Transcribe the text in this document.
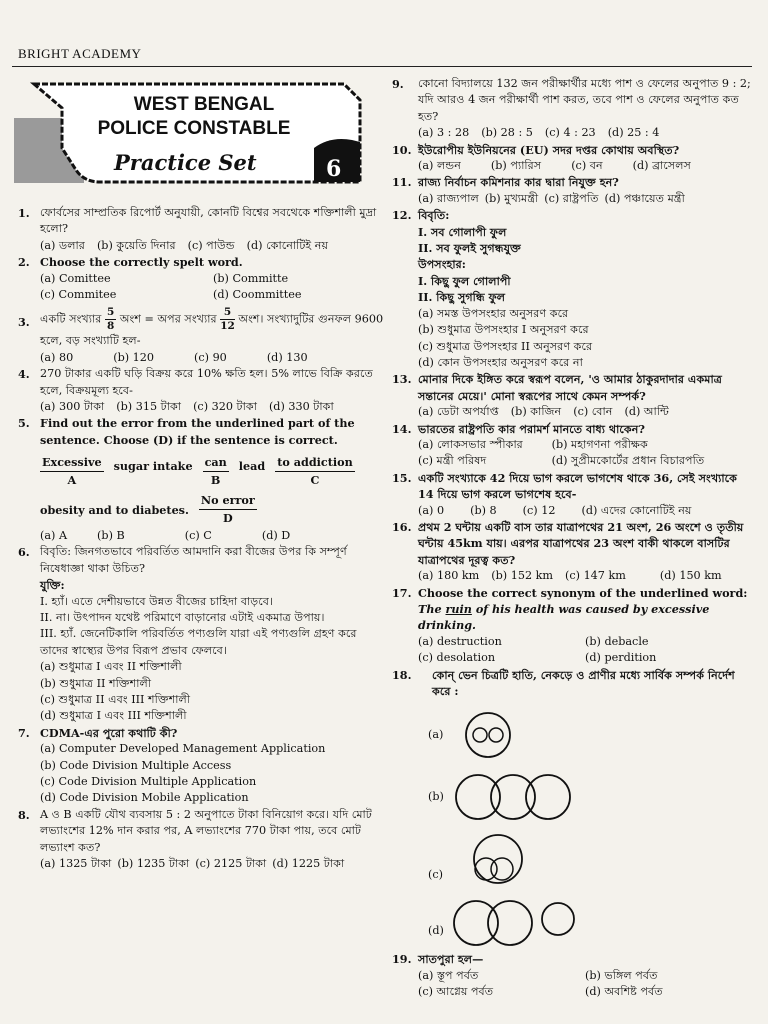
BRIGHT ACADEMY
6
WEST BENGAL
POLICE CONSTABLE
Practice Set
1. ফোর্বসের সাম্প্রতিক রিপোর্ট অনুযায়ী, কোনটি বিশ্বের সবথেকে শক্তিশালী মুদ্রা হলো?
(a) ডলার (b) কুয়েতি দিনার (c) পাউন্ড (d) কোনোটিই নয়
2. Choose the correctly spelt word.
(a) Comittee	(b) Committe
(c) Commitee	(d) Coommittee
3. একটি সংখ্যার $\frac{5}{8}$ অংশ = অপর সংখ্যার $\frac{5}{12}$ অংশ। সংখ্যাদুটির গুনফল 9600 হলে, বড় সংখ্যাটি হল-
(a) 80	(b) 120	(c) 90	(d) 130
4. 270 টাকার একটি ঘড়ি বিক্রয় করে 10% ক্ষতি হল। 5% লাভে বিক্রি করতে হলে, বিক্রয়মূল্য হবে-
(a) 300 টাকা (b) 315 টাকা (c) 320 টাকা (d) 330 টাকা
5. Find out the error from the underlined part of the sentence. Choose (D) if the sentence is correct.
Excessive
A
sugar intake can
B
lead to addiction
C
obesity and to diabetes.
No error
D
(a) A	(b) B	(c) C	(d) D
6. বিবৃতি: জিনগতভাবে পরিবর্তিত আমদানি করা বীজের উপর কি সম্পূর্ণ নিষেধাজ্ঞা থাকা উচিত?
যুক্তি:
I. হ্যাঁ। এতে দেশীয়ভাবে উন্নত বীজের চাহিদা বাড়বে।
II. না। উৎপাদন যথেষ্ট পরিমাণে বাড়ানোর এটাই একমাত্র উপায়।
III. হ্যাঁ. জেনেটিকালি পরিবর্তিত পণ্যগুলি যারা এই পণ্যগুলি গ্রহণ করে তাদের স্বাস্থ্যের উপর বিরূপ প্রভাব ফেলবে।
(a) শুধুমাত্র I এবং II শক্তিশালী
(b) শুধুমাত্র II শক্তিশালী
(c) শুধুমাত্র II এবং III শক্তিশালী
(d) শুধুমাত্র I এবং III শক্তিশালী
7. CDMA-এর পুরো কথাটি কী?
(a) Computer Developed Management Application
(b) Code Division Multiple Access
(c) Code Division Multiple Application
(d) Code Division Mobile Application
8. A ও B একটি যৌথ ব্যবসায় 5 : 2 অনুপাতে টাকা বিনিয়োগ করে। যদি মোট লভ্যাংশের 12% দান করার পর, A লভ্যাংশের 770 টাকা পায়, তবে মোট লভ্যাংশ কত?
(a) 1325 টাকা (b) 1235 টাকা (c) 2125 টাকা (d) 1225 টাকা
9. কোনো বিদ্যালয়ে 132 জন পরীক্ষার্থীর মধ্যে পাশ ও ফেলের অনুপাত 9 : 2; যদি আরও 4 জন পরীক্ষার্থী পাশ করত, তবে পাশ ও ফেলের অনুপাত কত হত?
(a) 3 : 28 (b) 28 : 5 (c) 4 : 23 (d) 25 : 4
10. ইউরোপীয় ইউনিয়নের (EU) সদর দপ্তর কোথায় অবস্থিত?
(a) লন্ডন	(b) প্যারিস	(c) বন	(d) ব্রাসেলস
11. রাজ্য নির্বাচন কমিশনার কার দ্বারা নিযুক্ত হন?
(a) রাজ্যপাল (b) মুখ্যমন্ত্রী (c) রাষ্ট্রপতি (d) পঞ্চায়েত মন্ত্রী
12. বিবৃতি:
I. সব গোলাপী ফুল
II. সব ফুলই সুগন্ধযুক্ত
উপসংহার:
I. কিছু ফুল গোলাপী
II. কিছু সুগন্ধি ফুল
(a) সমস্ত উপসংহার অনুসরণ করে
(b) শুধুমাত্র উপসংহার I অনুসরণ করে
(c) শুধুমাত্র উপসংহার II অনুসরণ করে
(d) কোন উপসংহার অনুসরণ করে না
13. মোনার দিকে ইঙ্গিত করে স্বরূপ বলেন, 'ও আমার ঠাকুরদাদার একমাত্র সন্তানের মেয়ে।' মোনা স্বরূপের সাথে কেমন সম্পর্ক?
(a) ডেটা অপর্যাপ্ত (b) কাজিন (c) বোন (d) আন্টি
14. ভারতের রাষ্ট্রপতি কার পরামর্শ মানতে বাধ্য থাকেন?
(a) লোকসভার স্পীকার	(b) মহাগণনা পরীক্ষক
(c) মন্ত্রী পরিষদ	(d) সুপ্রীমকোর্টের প্রধান বিচারপতি
15. একটি সংখ্যাকে 42 দিয়ে ভাগ করলে ভাগশেষ থাকে 36, সেই সংখ্যাকে 14 দিয়ে ভাগ করলে ভাগশেষ হবে-
(a) 0 (b) 8 (c) 12 (d) এদের কোনোটিই নয়
16. প্রথম 2 ঘন্টায় একটি বাস তার যাত্রাপথের 21 অংশ, 26 অংশে ও তৃতীয় ঘন্টায় 45km যায়। এরপর যাত্রাপথের 23 অংশ বাকী থাকলে বাসটির যাত্রাপথের দূরত্ব কত?
(a) 180 km (b) 152 km (c) 147 km	(d) 150 km
17. Choose the correct synonym of the underlined word:
The ruin of his health was caused by excessive drinking.
(a) destruction	(b) debacle
(c) desolation	(d) perdition
18.	কোন্ ভেন চিত্রটি হাতি, নেকড়ে ও প্রাণীর মধ্যে সার্বিক সম্পর্ক নির্দেশ করে :
(a)
(b)
(c)
(d)
19. সাতপুরা হল—
(a) স্তূপ পর্বত	(b) ভঙ্গিল পর্বত
(c) আগ্নেয় পর্বত	(d) অবশিষ্ট পর্বত
